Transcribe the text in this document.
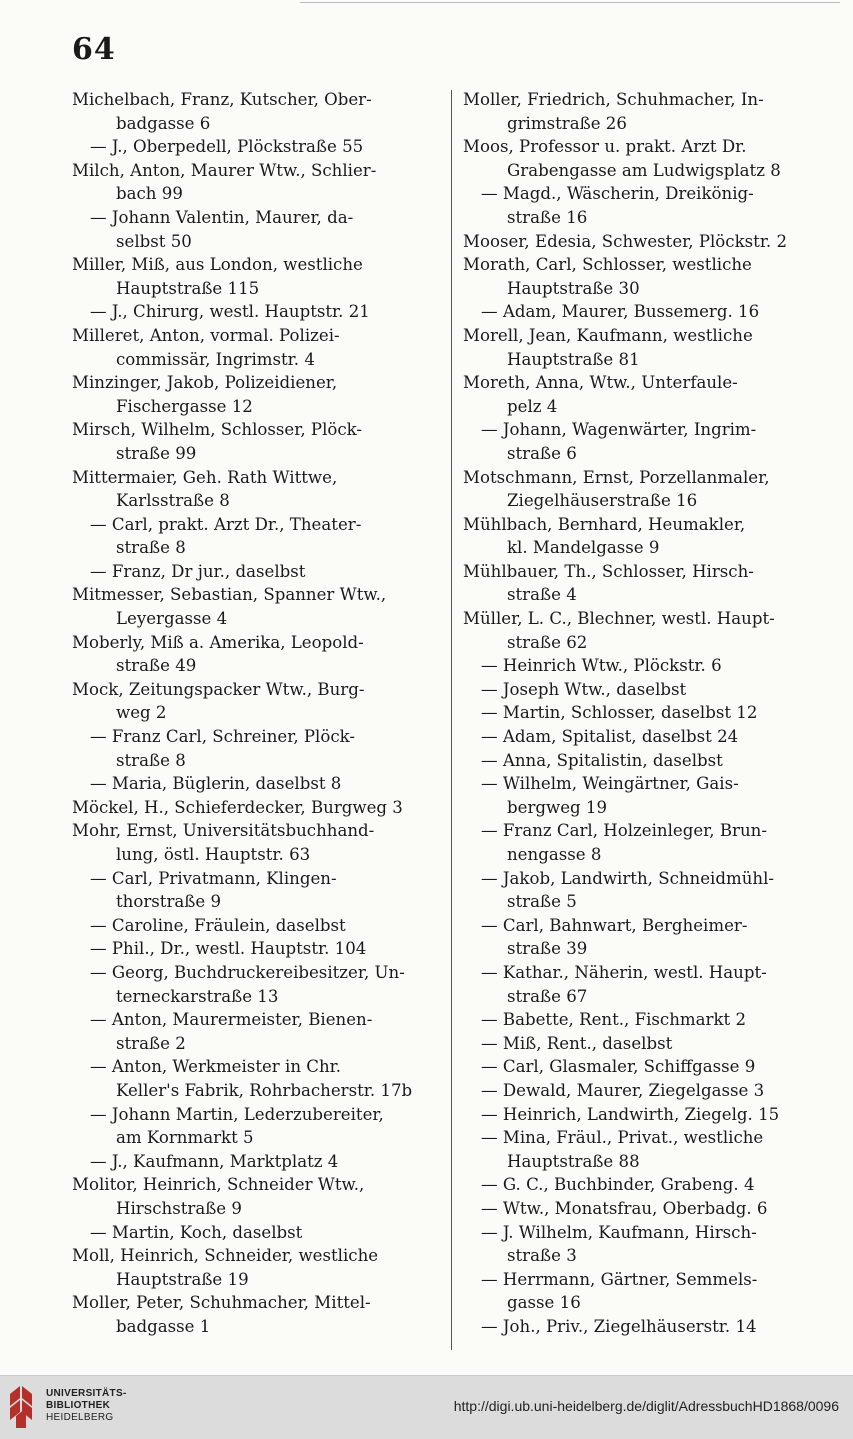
64
Michelbach, Franz, Kutscher, Ober-
badgasse 6
— J., Oberpedell, Plöckstraße 55
Milch, Anton, Maurer Wtw., Schlier-
bach 99
— Johann Valentin, Maurer, da-
selbst 50
Miller, Miß, aus London, westliche
Hauptstraße 115
— J., Chirurg, westl. Hauptstr. 21
Milleret, Anton, vormal. Polizei-
commissär, Ingrimstr. 4
Minzinger, Jakob, Polizeidiener,
Fischergasse 12
Mirsch, Wilhelm, Schlosser, Plöck-
straße 99
Mittermaier, Geh. Rath Wittwe,
Karlsstraße 8
— Carl, prakt. Arzt Dr., Theater-
straße 8
— Franz, Dr jur., daselbst
Mitmesser, Sebastian, Spanner Wtw.,
Leyergasse 4
Moberly, Miß a. Amerika, Leopold-
straße 49
Mock, Zeitungspacker Wtw., Burg-
weg 2
— Franz Carl, Schreiner, Plöck-
straße 8
— Maria, Büglerin, daselbst 8
Möckel, H., Schieferdecker, Burgweg 3
Mohr, Ernst, Universitätsbuchhand-
lung, östl. Hauptstr. 63
— Carl, Privatmann, Klingen-
thorstraße 9
— Caroline, Fräulein, daselbst
— Phil., Dr., westl. Hauptstr. 104
— Georg, Buchdruckereibesitzer, Un-
terneckarstraße 13
— Anton, Maurermeister, Bienen-
straße 2
— Anton, Werkmeister in Chr.
Keller's Fabrik, Rohrbacherstr. 17b
— Johann Martin, Lederzubereiter,
am Kornmarkt 5
— J., Kaufmann, Marktplatz 4
Molitor, Heinrich, Schneider Wtw.,
Hirschstraße 9
— Martin, Koch, daselbst
Moll, Heinrich, Schneider, westliche
Hauptstraße 19
Moller, Peter, Schuhmacher, Mittel-
badgasse 1
Moller, Friedrich, Schuhmacher, In-
grimstraße 26
Moos, Professor u. prakt. Arzt Dr.
Grabengasse am Ludwigsplatz 8
— Magd., Wäscherin, Dreikönig-
straße 16
Mooser, Edesia, Schwester, Plöckstr. 2
Morath, Carl, Schlosser, westliche
Hauptstraße 30
— Adam, Maurer, Bussemerg. 16
Morell, Jean, Kaufmann, westliche
Hauptstraße 81
Moreth, Anna, Wtw., Unterfaule-
pelz 4
— Johann, Wagenwärter, Ingrim-
straße 6
Motschmann, Ernst, Porzellanmaler,
Ziegelhäuserstraße 16
Mühlbach, Bernhard, Heumakler,
kl. Mandelgasse 9
Mühlbauer, Th., Schlosser, Hirsch-
straße 4
Müller, L. C., Blechner, westl. Haupt-
straße 62
— Heinrich Wtw., Plöckstr. 6
— Joseph Wtw., daselbst
— Martin, Schlosser, daselbst 12
— Adam, Spitalist, daselbst 24
— Anna, Spitalistin, daselbst
— Wilhelm, Weingärtner, Gais-
bergweg 19
— Franz Carl, Holzeinleger, Brun-
nengasse 8
— Jakob, Landwirth, Schneidmühl-
straße 5
— Carl, Bahnwart, Bergheimer-
straße 39
— Kathar., Näherin, westl. Haupt-
straße 67
— Babette, Rent., Fischmarkt 2
— Miß, Rent., daselbst
— Carl, Glasmaler, Schiffgasse 9
— Dewald, Maurer, Ziegelgasse 3
— Heinrich, Landwirth, Ziegelg. 15
— Mina, Fräul., Privat., westliche
Hauptstraße 88
— G. C., Buchbinder, Grabeng. 4
— Wtw., Monatsfrau, Oberbadg. 6
— J. Wilhelm, Kaufmann, Hirsch-
straße 3
— Herrmann, Gärtner, Semmels-
gasse 16
— Joh., Priv., Ziegelhäuserstr. 14
UNIVERSITÄTS-
BIBLIOTHEK
HEIDELBERG
http://digi.ub.uni-heidelberg.de/diglit/AdressbuchHD1868/0096
